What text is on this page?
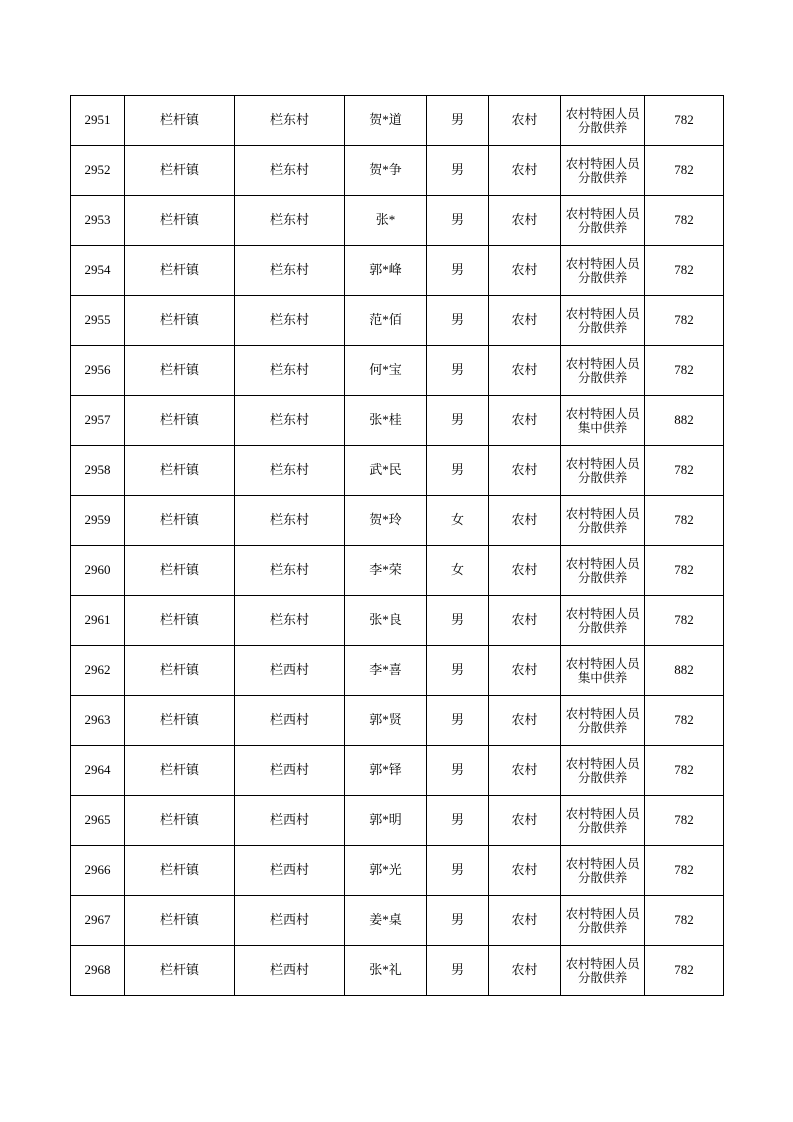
2951	栏杆镇	栏东村	贺*道	男	农村	农村特困人员分散供养	782

2952	栏杆镇	栏东村	贺*争	男	农村	农村特困人员分散供养	782

2953	栏杆镇	栏东村	张*	男	农村	农村特困人员分散供养	782

2954	栏杆镇	栏东村	郭*峰	男	农村	农村特困人员分散供养	782

2955	栏杆镇	栏东村	范*佰	男	农村	农村特困人员分散供养	782

2956	栏杆镇	栏东村	何*宝	男	农村	农村特困人员分散供养	782

2957	栏杆镇	栏东村	张*桂	男	农村	农村特困人员集中供养	882

2958	栏杆镇	栏东村	武*民	男	农村	农村特困人员分散供养	782

2959	栏杆镇	栏东村	贺*玲	女	农村	农村特困人员分散供养	782

2960	栏杆镇	栏东村	李*荣	女	农村	农村特困人员分散供养	782

2961	栏杆镇	栏东村	张*良	男	农村	农村特困人员分散供养	782

2962	栏杆镇	栏西村	李*喜	男	农村	农村特困人员集中供养	882

2963	栏杆镇	栏西村	郭*贤	男	农村	农村特困人员分散供养	782

2964	栏杆镇	栏西村	郭*铎	男	农村	农村特困人员分散供养	782

2965	栏杆镇	栏西村	郭*明	男	农村	农村特困人员分散供养	782

2966	栏杆镇	栏西村	郭*光	男	农村	农村特困人员分散供养	782

2967	栏杆镇	栏西村	姜*桌	男	农村	农村特困人员分散供养	782

2968	栏杆镇	栏西村	张*礼	男	农村	农村特困人员分散供养	782
